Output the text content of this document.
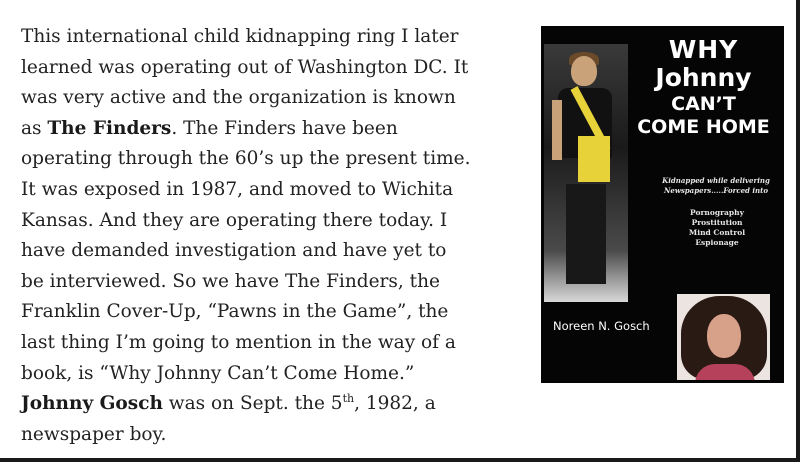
This international child kidnapping ring I later
learned was operating out of Washington DC. It
was very active and the organization is known
as The Finders. The Finders have been
operating through the 60’s up the present time.
It was exposed in 1987, and moved to Wichita
Kansas. And they are operating there today. I
have demanded investigation and have yet to
be interviewed. So we have The Finders, the
Franklin Cover-Up, “Pawns in the Game”, the
last thing I’m going to mention in the way of a
book, is “Why Johnny Can’t Come Home.”
Johnny Gosch was on Sept. the 5th, 1982, a
newspaper boy.

WHY
Johnny
CAN’T
COME HOME
Kidnapped while delivering
Newspapers.....Forced into
Pornography
Prostitution
Mind Control
Espionage
Noreen N. Gosch
